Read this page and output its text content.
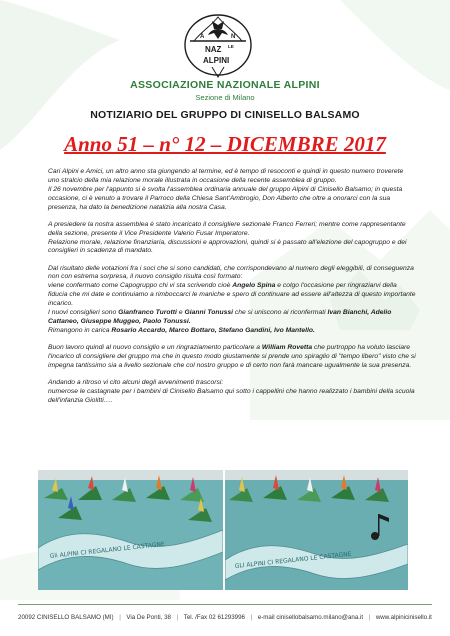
A	N
NAZ LE
ALPINI
ASSOCIAZIONE NAZIONALE ALPINI
Sezione di Milano
NOTIZIARIO DEL GRUPPO DI CINISELLO BALSAMO
Anno 51 – n° 12 – DICEMBRE 2017

Cari Alpini e Amici, un altro anno sta giungendo al termine, ed è tempo di resoconti e quindi in questo numero troverete uno stralcio della mia relazione morale illustrata in occasione della recente assemblea di gruppo.

Il 26 novembre per l'appunto si è svolta l'assemblea ordinaria annuale del gruppo Alpini di Cinisello Balsamo; in questa occasione, ci è venuto a trovare il Parroco della Chiesa Sant'Ambrogio, Don Alberto che oltre a onorarci con la sua presenza, ha dato la benedizione natalizia alla nostra Casa.

A presiedere la nostra assemblea è stato incaricato il consigliere sezionale Franco Ferreri; mentre come rappresentante della sezione, presente il Vice Presidente Valerio Fusar Imperatore.
Relazione morale, relazione finanziaria, discussioni e approvazioni, quindi si è passato all'elezione del capogruppo e dei consiglieri in scadenza di mandato.

Dal risultato delle votazioni fra i soci che si sono candidati, che corrispondevano al numero degli eleggibili, di conseguenza non con estrema sorpresa, il nuovo consiglio risulta così formato:
viene confermato come Capogruppo chi vi sta scrivendo cioè Angelo Spina e colgo l'occasione per ringraziarvi della fiducia che mi date e continuiamo a rimboccarci le maniche e spero di continuare ad essere all'altezza di questo importante incarico.
I nuovi consiglieri sono Gianfranco Turotti e Gianni Tonussi che si uniscono ai riconfermati Ivan Bianchi, Adelio Cattaneo, Giuseppe Muggeo, Paolo Tonussi.
Rimangono in carica Rosario Accardo, Marco Bottaro, Stefano Gandini, Ivo Mantello.

Buon lavoro quindi al nuovo consiglio e un ringraziamento particolare a William Rovetta che purtroppo ha voluto lasciare l'incarico di consigliere del gruppo ma che in questo modo giustamente si prende uno spiraglio di "tempo libero" visto che si impegna tantissimo sia a livello sezionale che col nostro gruppo e di certo non farà mancare ugualmente la sua presenza.

Andando a ritroso vi cito alcuni degli avvenimenti trascorsi:
numerose le castagnate per i bambini di Cinisello Balsamo qui sotto i cappellini che hanno realizzato i bambini della scuola dell'infanzia Giolitti….

Gli ALPINI CI REGALANO LE CASTAGNE
GLI ALPINI CI REGALANO LE CASTAGNE
20092 CINISELLO BALSAMO (MI) | Via De Ponti, 38 | Tel. /Fax 02 61293996 | e-mail cinisellobalsamo.milano@ana.it | www.alpinicinisello.it
